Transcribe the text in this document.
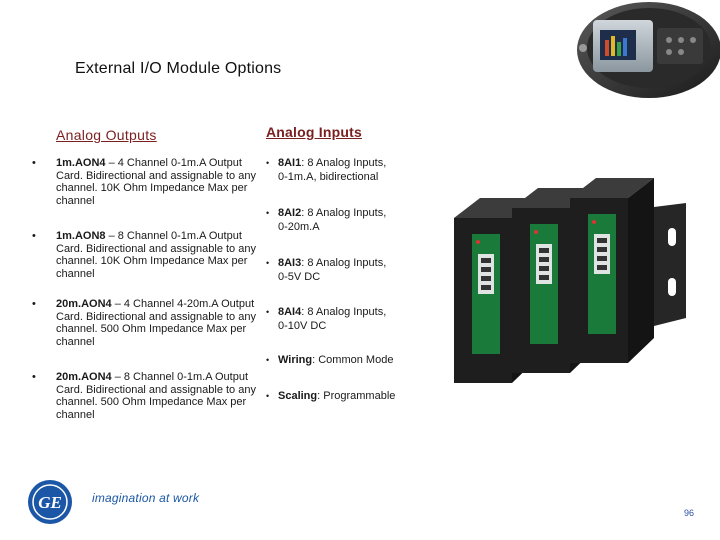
External I/O Module Options
Analog Outputs	Analog Inputs
• 1m.AON4 – 4 Channel 0-1m.A Output Card. Bidirectional and assignable to any channel. 10K Ohm Impedance Max per channel
• 1m.AON8 – 8 Channel 0-1m.A Output Card. Bidirectional and assignable to any channel. 10K Ohm Impedance Max per channel
• 20m.AON4 – 4 Channel 4-20m.A Output Card. Bidirectional and assignable to any channel. 500 Ohm Impedance Max per channel
• 20m.AON4 – 8 Channel 0-1m.A Output Card. Bidirectional and assignable to any channel. 500 Ohm Impedance Max per channel
• 8AI1: 8 Analog Inputs,
0-1m.A, bidirectional
• 8AI2: 8 Analog Inputs,
0-20m.A
• 8AI3: 8 Analog Inputs,
0-5V DC
• 8AI4: 8 Analog Inputs,
0-10V DC
• Wiring: Common Mode
• Scaling: Programmable
GE	imagination at work
96
